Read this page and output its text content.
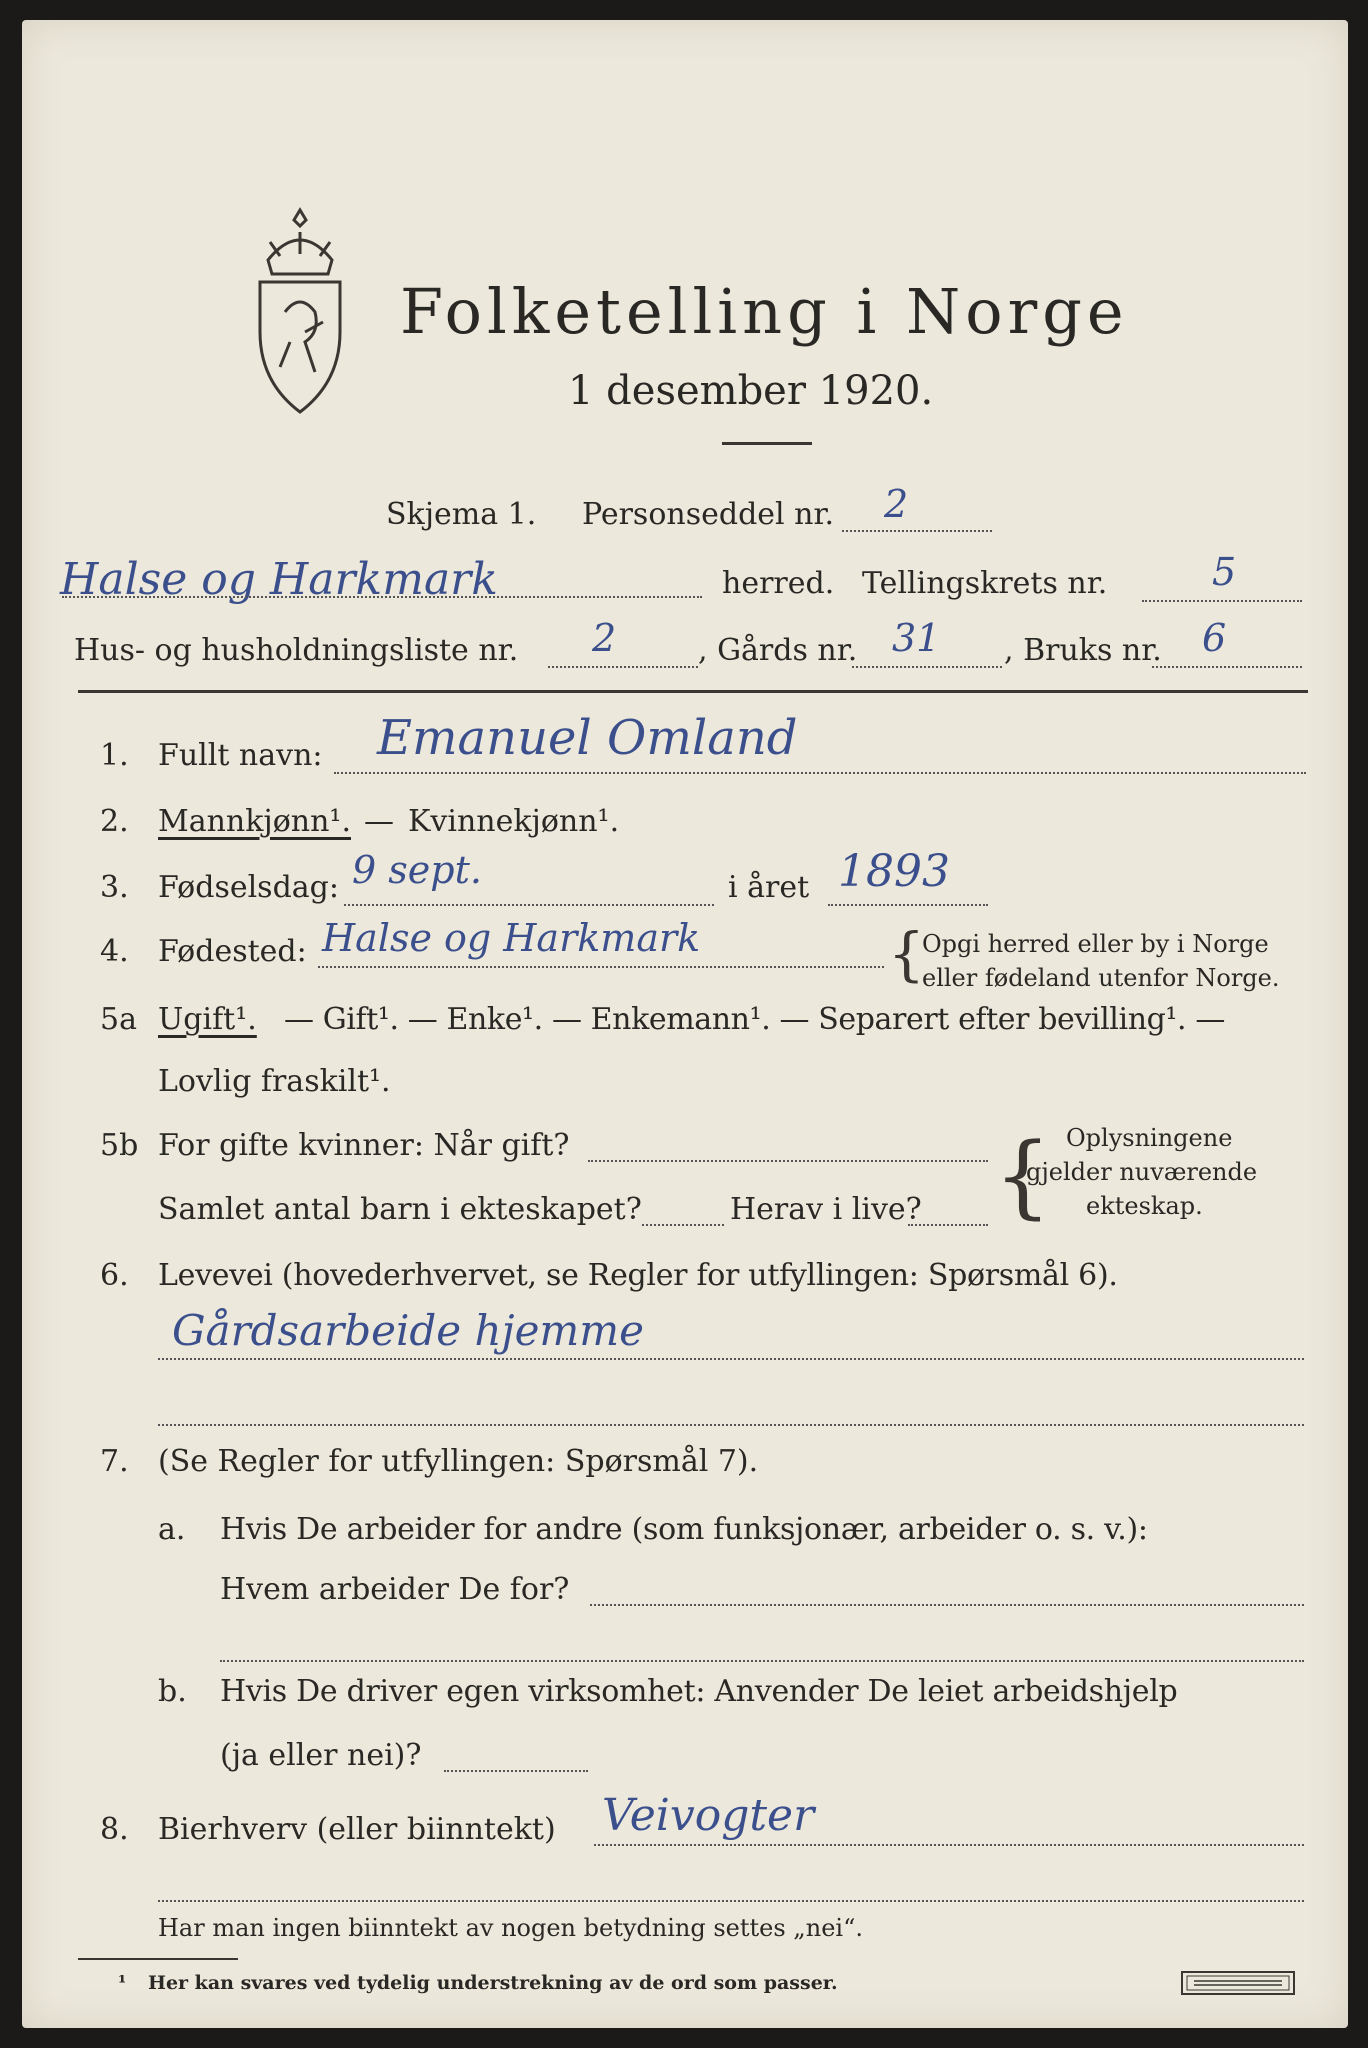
Folketelling i Norge
1 desember 1920.
Skjema 1. Personseddel nr. 2
Halse og Harkmark	herred. Tellingskrets nr.	5
Hus- og husholdningsliste nr. 2	, Gårds nr. 31 , Bruks nr. 6
1. Fullt navn: Emanuel Omland
2. Mannkjønn¹. — Kvinnekjønn¹.
3. Fødselsdag: 9 sept.	i året 1893
4. Fødested: Halse og Harkmark	{
Opgi herred eller by i Norge
eller fødeland utenfor Norge.
5a Ugift¹. — Gift¹. — Enke¹. — Enkemann¹. — Separert efter bevilling¹. —
Lovlig fraskilt¹.
5b For gifte kvinner: Når gift?
Samlet antal barn i ekteskapet?	Herav i live? { Oplysningene
gjelder nuværende
ekteskap.
6. Levevei (hovederhvervet, se Regler for utfyllingen: Spørsmål 6).
Gårdsarbeide hjemme
7. (Se Regler for utfyllingen: Spørsmål 7).
a. Hvis De arbeider for andre (som funksjonær, arbeider o. s. v.):
Hvem arbeider De for?
b. Hvis De driver egen virksomhet: Anvender De leiet arbeidshjelp
(ja eller nei)?
8. Bierhverv (eller biinntekt) Veivogter
Har man ingen biinntekt av nogen betydning settes „nei“.
¹ Her kan svares ved tydelig understrekning av de ord som passer.
